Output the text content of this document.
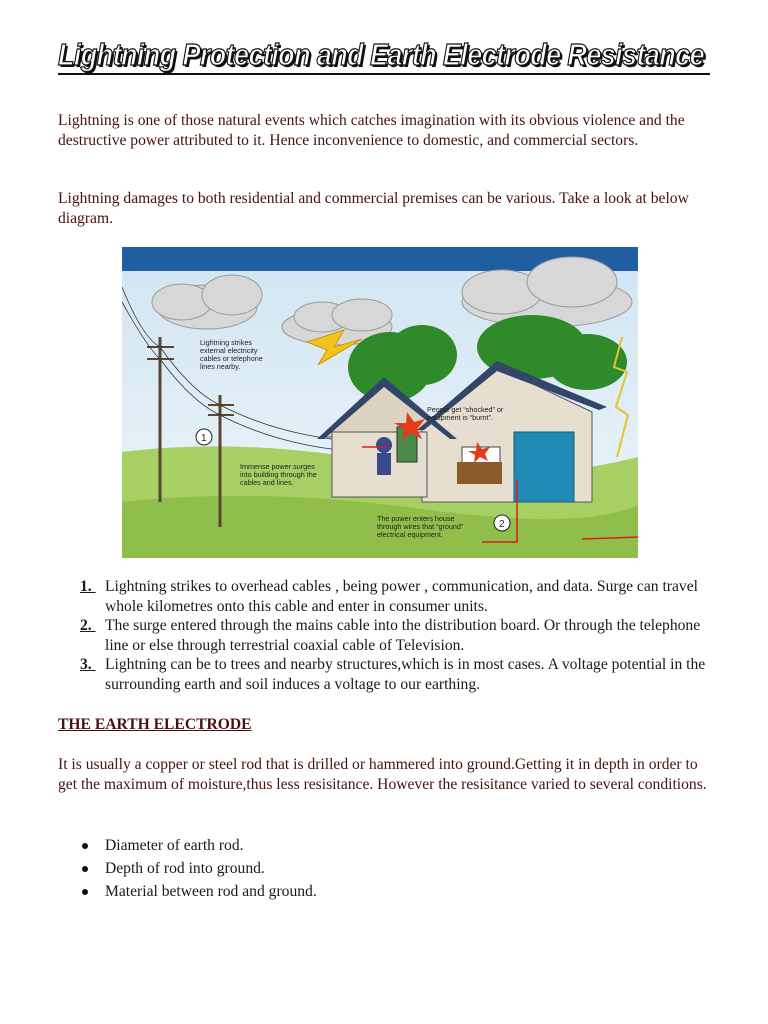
Lightning Protection and Earth Electrode Resistance

Lightning is one of those natural events which catches imagination with its obvious violence and the destructive power attributed to it. Hence inconvenience to domestic, and commercial sectors.

Lightning damages to both residential and commercial premises can be various. Take a look at below diagram.

Lightning strikes
external electricity
cables or telephone
lines nearby.
People get “shocked” or
equipment is “burnt”.
Immense power surges
into building through the
cables and lines.
The power enters house
through wires that “ground”
electrical equipment.
1
2
1. Lightning strikes to overhead cables , being power , communication, and data. Surge can travel whole kilometres onto this cable and enter in consumer units.
2. The surge entered through the mains cable into the distribution board. Or through the telephone line or else through terrestrial coaxial cable of Television.
3. Lightning can be to trees and nearby structures,which is in most cases. A voltage potential in the surrounding earth and soil induces a voltage to our earthing.
THE EARTH ELECTRODE

It is usually a copper or steel rod that is drilled or hammered into ground.Getting it in depth in order to get the maximum of moisture,thus less resisitance. However the resisitance varied to several conditions.

Diameter of earth rod.
Depth of rod into ground.
Material between rod and ground.
